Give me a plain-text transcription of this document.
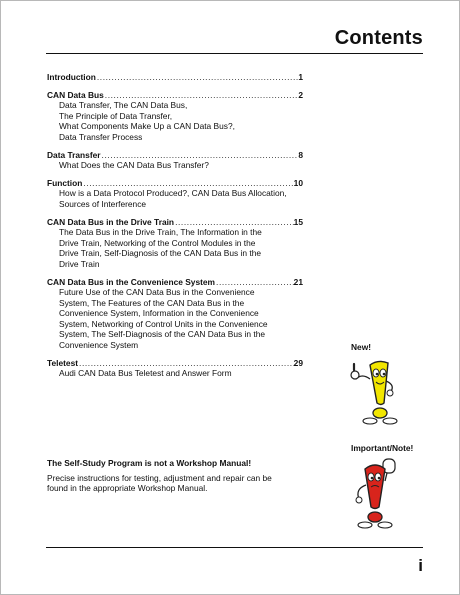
Contents
Introduction .....	1
CAN Data Bus .....	2
Data Transfer, The CAN Data Bus,
The Principle of Data Transfer,
What Components Make Up a CAN Data Bus?,
Data Transfer Process
Data Transfer .....	8
What Does the CAN Data Bus Transfer?
Function .....	10
How is a Data Protocol Produced?, CAN Data Bus Allocation,
Sources of Interference
CAN Data Bus in the Drive Train .....	15
The Data Bus in the Drive Train, The Information in the
Drive Train, Networking of the Control Modules in the
Drive Train, Self-Diagnosis of the CAN Data Bus in the
Drive Train
CAN Data Bus in the Convenience System .....	21
Future Use of the CAN Data Bus in the Convenience
System, The Features of the CAN Data Bus in the
Convenience System, Information in the Convenience
System, Networking of Control Units in the Convenience
System, The Self-Diagnosis of the CAN Data Bus in the
Convenience System
Teletest .....	29
Audi CAN Data Bus Teletest and Answer Form
The Self-Study Program is not a Workshop Manual!
Precise instructions for testing, adjustment and repair can be
found in the appropriate Workshop Manual.
New!
Important/Note!
i
